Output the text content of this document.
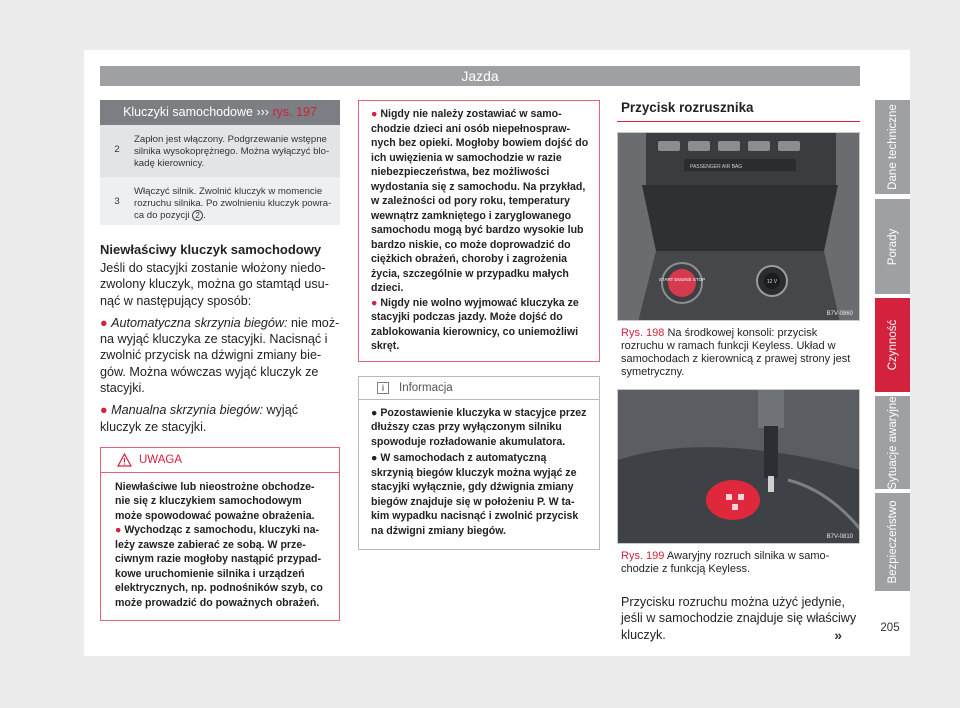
Jazda
Kluczyki samochodowe ››› rys. 197
2
Zapłon jest włączony. Podgrzewanie wstępne silnika wysokoprężnego. Można wyłączyć blokadę kierownicy.
3
Włączyć silnik. Zwolnić kluczyk w momencie rozruchu silnika. Po zwolnieniu kluczyk powraca do pozycji 2 .
Niewłaściwy kluczyk samochodowy

Jeśli do stacyjki zostanie włożony niedozwolony kluczyk, można go stamtąd usunąć w następujący sposób:

● Automatyczna skrzynia biegów: nie można wyjąć kluczyka ze stacyjki. Nacisnąć i zwolnić przycisk na dźwigni zmiany biegów. Można wówczas wyjąć kluczyk ze stacyjki.

● Manualna skrzynia biegów: wyjąć kluczyk ze stacyjki.

UWAGA

Niewłaściwe lub nieostrożne obchodzenie się z kluczykiem samochodowym może spowodować poważne obrażenia.

● Wychodząc z samochodu, kluczyki należy zawsze zabierać ze sobą. W przeciwnym razie mogłoby nastąpić przypadkowe uruchomienie silnika i urządzeń elektrycznych, np. podnośników szyb, co może prowadzić do poważnych obrażeń.

● Nigdy nie należy zostawiać w samochodzie dzieci ani osób niepełnosprawnych bez opieki. Mogłoby bowiem dojść do ich uwięzienia w samochodzie w razie niebezpieczeństwa, bez możliwości wydostania się z samochodu. Na przykład, w zależności od pory roku, temperatury wewnątrz zamkniętego i zaryglowanego samochodu mogą być bardzo wysokie lub bardzo niskie, co może doprowadzić do ciężkich obrażeń, choroby i zagrożenia życia, szczególnie w przypadku małych dzieci.

● Nigdy nie wolno wyjmować kluczyka ze stacyjki podczas jazdy. Może dojść do zablokowania kierownicy, co uniemożliwi skręt.

i	Informacja

● Pozostawienie kluczyka w stacyjce przez dłuższy czas przy wyłączonym silniku spowoduje rozładowanie akumulatora.

● W samochodach z automatyczną skrzynią biegów kluczyk można wyjąć ze stacyjki wyłącznie, gdy dźwignia zmiany biegów znajduje się w położeniu P. W takim wypadku nacisnąć i zwolnić przycisk na dźwigni zmiany biegów.

Przycisk rozrusznika
PASSENGER AIR BAG
START ENGINE STOP	12 V
B7V-0860

Rys. 198 Na środkowej konsoli: przycisk rozruchu w ramach funkcji Keyless. Układ w samochodach z kierownicą z prawej strony jest symetryczny.

B7V-0810

Rys. 199 Awaryjny rozruch silnika w samochodzie z funkcją Keyless.

Przycisku rozruchu można użyć jedynie, jeśli w samochodzie znajduje się właściwy kluczyk.	»
Dane techniczne
Porady
Czynność
Sytuacje awaryjne
Bezpieczeństwo
205
